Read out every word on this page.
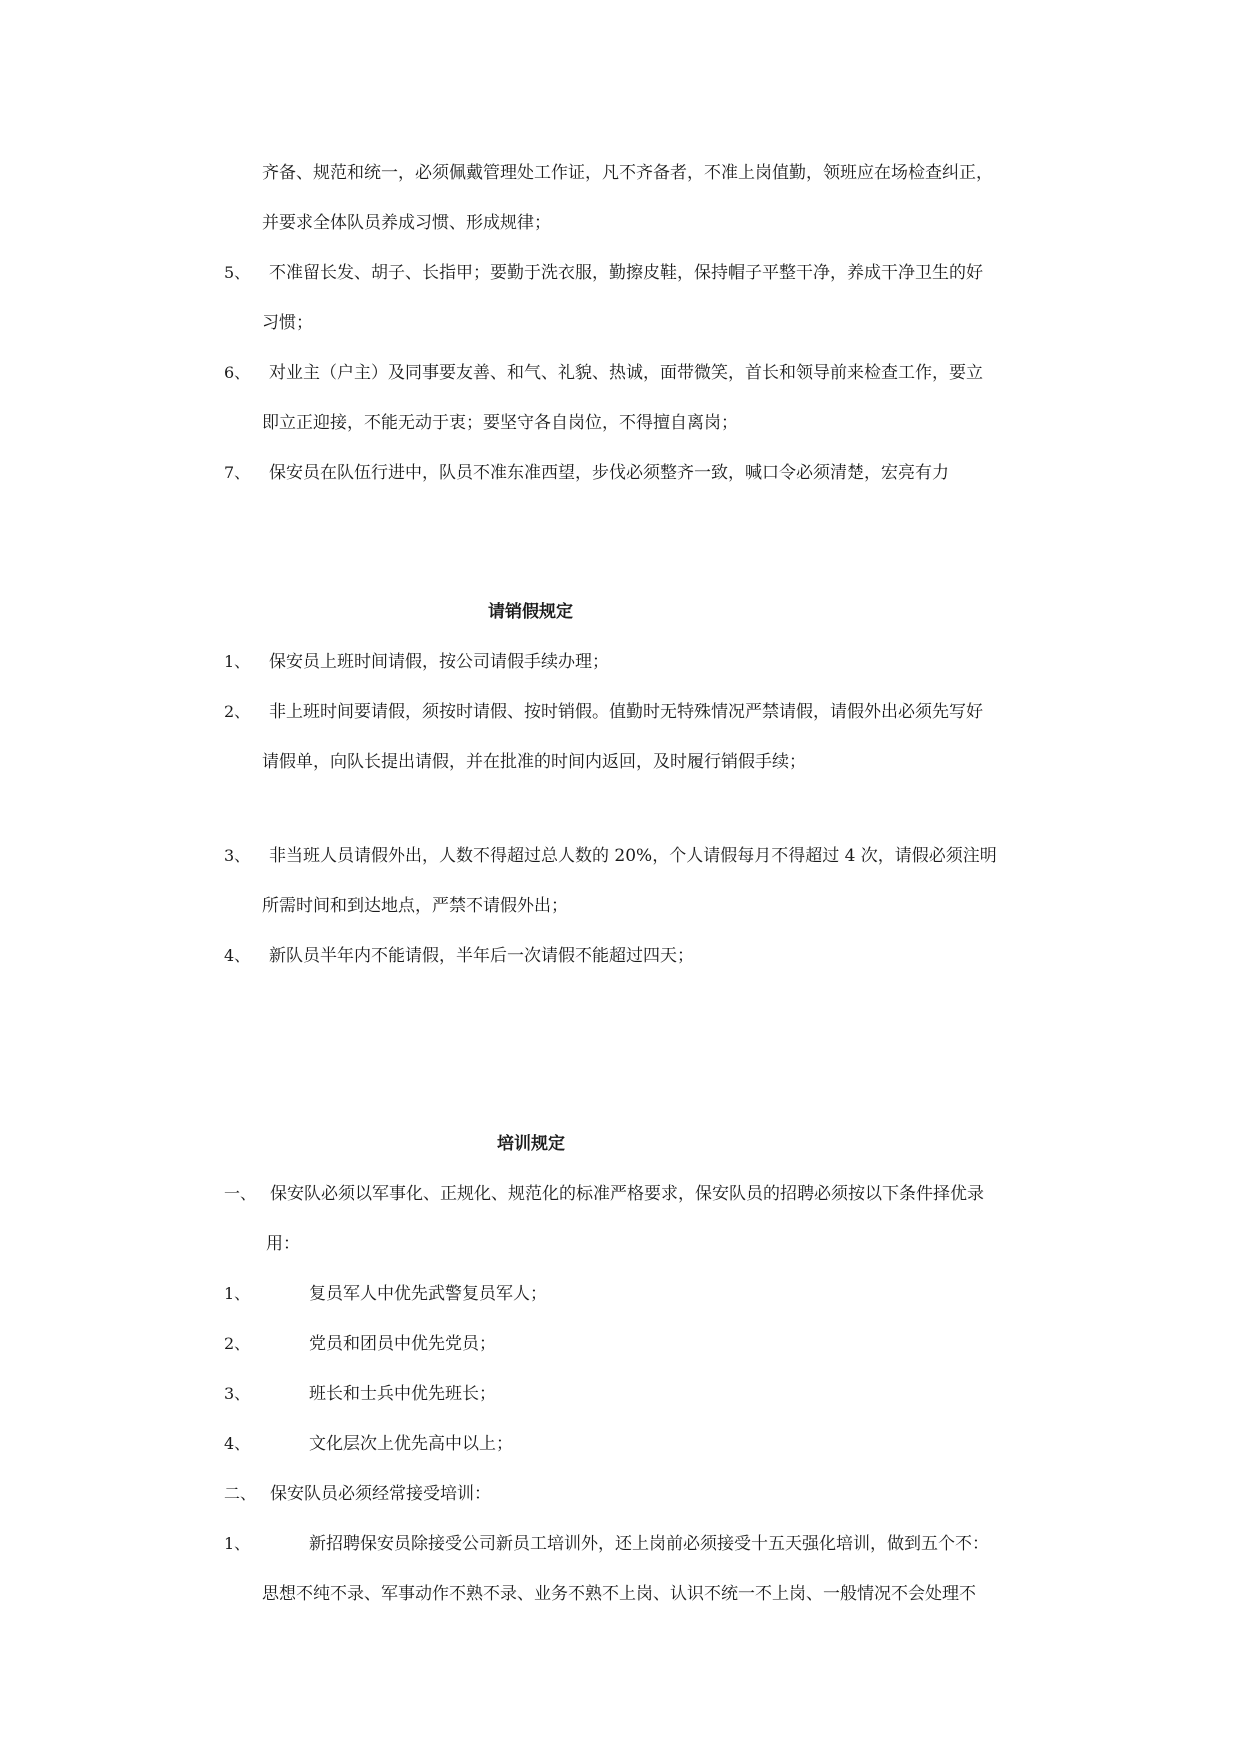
齐备、规范和统一，必须佩戴管理处工作证，凡不齐备者，不准上岗值勤，领班应在场检查纠正，
并要求全体队员养成习惯、形成规律；
5、 不准留长发、胡子、长指甲；要勤于洗衣服，勤擦皮鞋，保持帽子平整干净，养成干净卫生的好
习惯；
6、 对业主（户主）及同事要友善、和气、礼貌、热诚，面带微笑，首长和领导前来检查工作，要立
即立正迎接，不能无动于衷；要坚守各自岗位，不得擅自离岗；
7、 保安员在队伍行进中，队员不准东准西望，步伐必须整齐一致，喊口令必须清楚，宏亮有力
请销假规定
1、 保安员上班时间请假，按公司请假手续办理；
2、 非上班时间要请假，须按时请假、按时销假。值勤时无特殊情况严禁请假，请假外出必须先写好
请假单，向队长提出请假，并在批准的时间内返回，及时履行销假手续；
3、 非当班人员请假外出，人数不得超过总人数的 20%，个人请假每月不得超过 4 次，请假必须注明
所需时间和到达地点，严禁不请假外出；
4、 新队员半年内不能请假，半年后一次请假不能超过四天；
培训规定
一、 保安队必须以军事化、正规化、规范化的标准严格要求，保安队员的招聘必须按以下条件择优录
用：
1、	复员军人中优先武警复员军人；
2、	党员和团员中优先党员；
3、	班长和士兵中优先班长；
4、	文化层次上优先高中以上；
二、 保安队员必须经常接受培训：
1、	新招聘保安员除接受公司新员工培训外，还上岗前必须接受十五天强化培训，做到五个不：
思想不纯不录、军事动作不熟不录、业务不熟不上岗、认识不统一不上岗、一般情况不会处理不
